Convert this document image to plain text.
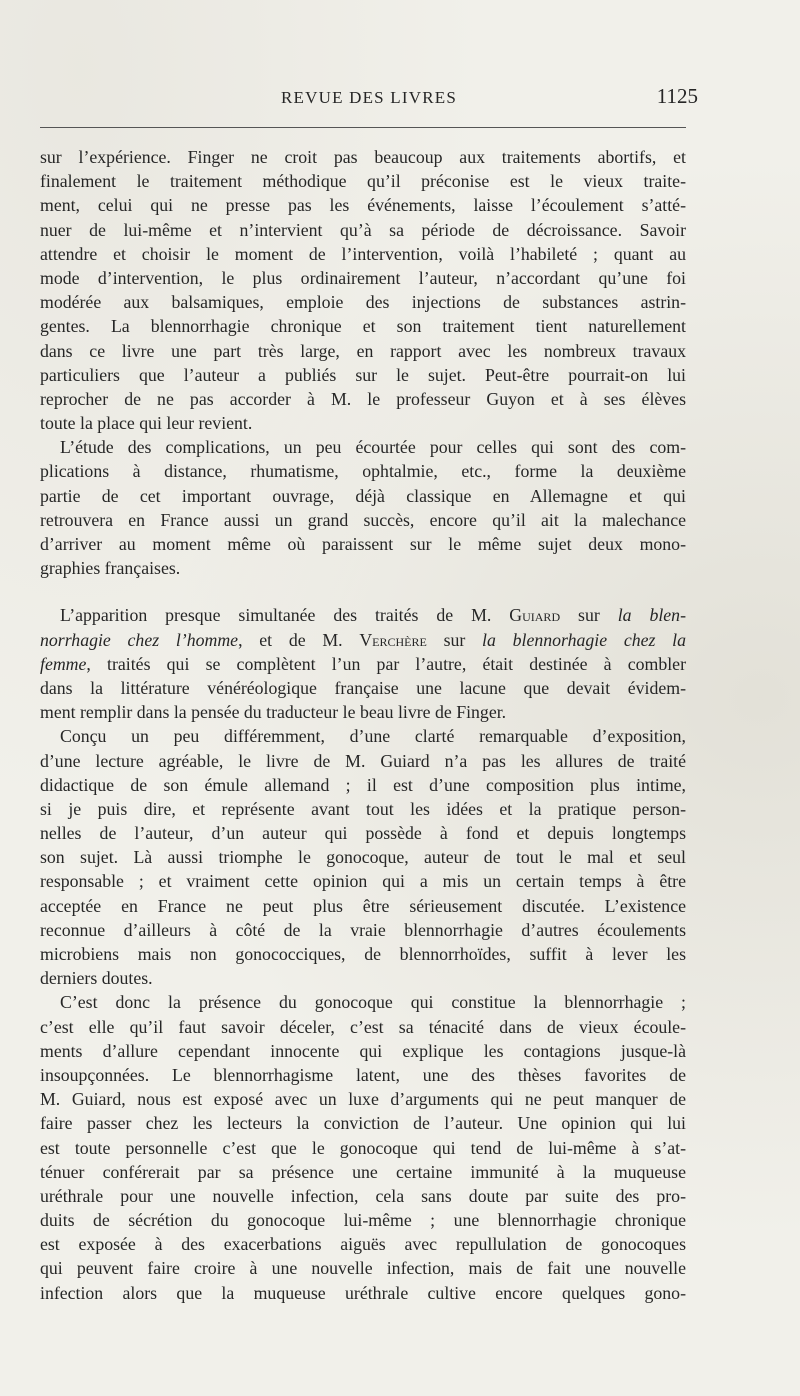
REVUE DES LIVRES	1125
sur l’expérience. Finger ne croit pas beaucoup aux traitements abortifs, et
finalement le traitement méthodique qu’il préconise est le vieux traite-
ment, celui qui ne presse pas les événements, laisse l’écoulement s’atté-
nuer de lui-même et n’intervient qu’à sa période de décroissance. Savoir
attendre et choisir le moment de l’intervention, voilà l’habileté ; quant au
mode d’intervention, le plus ordinairement l’auteur, n’accordant qu’une foi
modérée aux balsamiques, emploie des injections de substances astrin-
gentes. La blennorrhagie chronique et son traitement tient naturellement
dans ce livre une part très large, en rapport avec les nombreux travaux
particuliers que l’auteur a publiés sur le sujet. Peut-être pourrait-on lui
reprocher de ne pas accorder à M. le professeur Guyon et à ses élèves
toute la place qui leur revient.
L’étude des complications, un peu écourtée pour celles qui sont des com-
plications à distance, rhumatisme, ophtalmie, etc., forme la deuxième
partie de cet important ouvrage, déjà classique en Allemagne et qui
retrouvera en France aussi un grand succès, encore qu’il ait la malechance
d’arriver au moment même où paraissent sur le même sujet deux mono-
graphies françaises.
L’apparition presque simultanée des traités de M. Guiard sur la blen-
norrhagie chez l’homme, et de M. Verchère sur la blennorhagie chez la
femme, traités qui se complètent l’un par l’autre, était destinée à combler
dans la littérature vénéréologique française une lacune que devait évidem-
ment remplir dans la pensée du traducteur le beau livre de Finger.
Conçu un peu différemment, d’une clarté remarquable d’exposition,
d’une lecture agréable, le livre de M. Guiard n’a pas les allures de traité
didactique de son émule allemand ; il est d’une composition plus intime,
si je puis dire, et représente avant tout les idées et la pratique person-
nelles de l’auteur, d’un auteur qui possède à fond et depuis longtemps
son sujet. Là aussi triomphe le gonocoque, auteur de tout le mal et seul
responsable ; et vraiment cette opinion qui a mis un certain temps à être
acceptée en France ne peut plus être sérieusement discutée. L’existence
reconnue d’ailleurs à côté de la vraie blennorrhagie d’autres écoulements
microbiens mais non gonococciques, de blennorrhoïdes, suffit à lever les
derniers doutes.
C’est donc la présence du gonocoque qui constitue la blennorrhagie ;
c’est elle qu’il faut savoir déceler, c’est sa ténacité dans de vieux écoule-
ments d’allure cependant innocente qui explique les contagions jusque-là
insoupçonnées. Le blennorrhagisme latent, une des thèses favorites de
M. Guiard, nous est exposé avec un luxe d’arguments qui ne peut manquer de
faire passer chez les lecteurs la conviction de l’auteur. Une opinion qui lui
est toute personnelle c’est que le gonocoque qui tend de lui-même à s’at-
ténuer conférerait par sa présence une certaine immunité à la muqueuse
uréthrale pour une nouvelle infection, cela sans doute par suite des pro-
duits de sécrétion du gonocoque lui-même ; une blennorrhagie chronique
est exposée à des exacerbations aiguës avec repullulation de gonocoques
qui peuvent faire croire à une nouvelle infection, mais de fait une nouvelle
infection alors que la muqueuse uréthrale cultive encore quelques gono-
